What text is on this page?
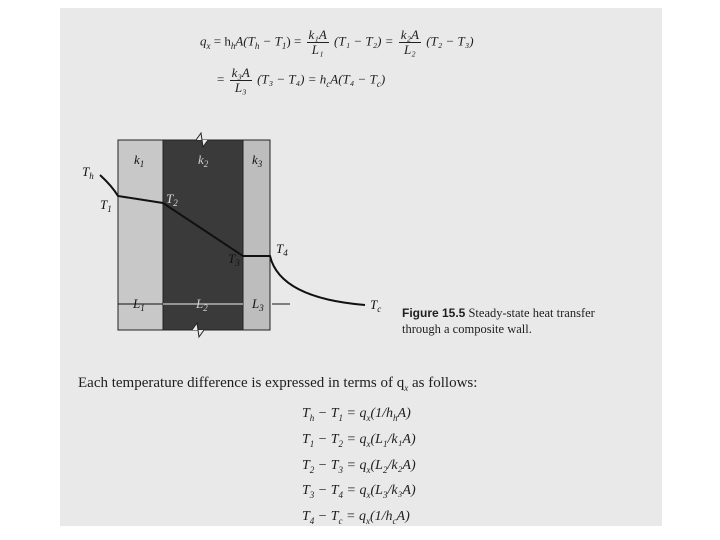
$q_x = h_hA(T_h - T_1) = \frac{\text{k₁A}}{\text{L₁}} (T_1 - T_2) = \frac{\text{k₂A}}{\text{L₂}} (T_2 - T_3)$
= $\frac{\text{k₃A}}{\text{L₃}} (T_3 - T_4) = h_cA(T_4 - T_c)$
$T_h$
$T_1$
$T_2$
$T_3$
$T_4$
$T_c$
$k_1$	$k_2$	$k_3$
$L_1$	$L_2$	$L_3$	Figure 15.5 Steady-state heat transfer
through a composite wall.
Each temperature difference is expressed in terms of $q_x$ as follows:
$T_h - T_1 = q_x(1/h_hA)$
$T_1 - T_2 = q_x(L_1/k_1A)$
$T_2 - T_3 = q_x(L_2/k_2A)$
$T_3 - T_4 = q_x(L_3/k_3A)$
$T_4 - T_c = q_x(1/h_cA)$
